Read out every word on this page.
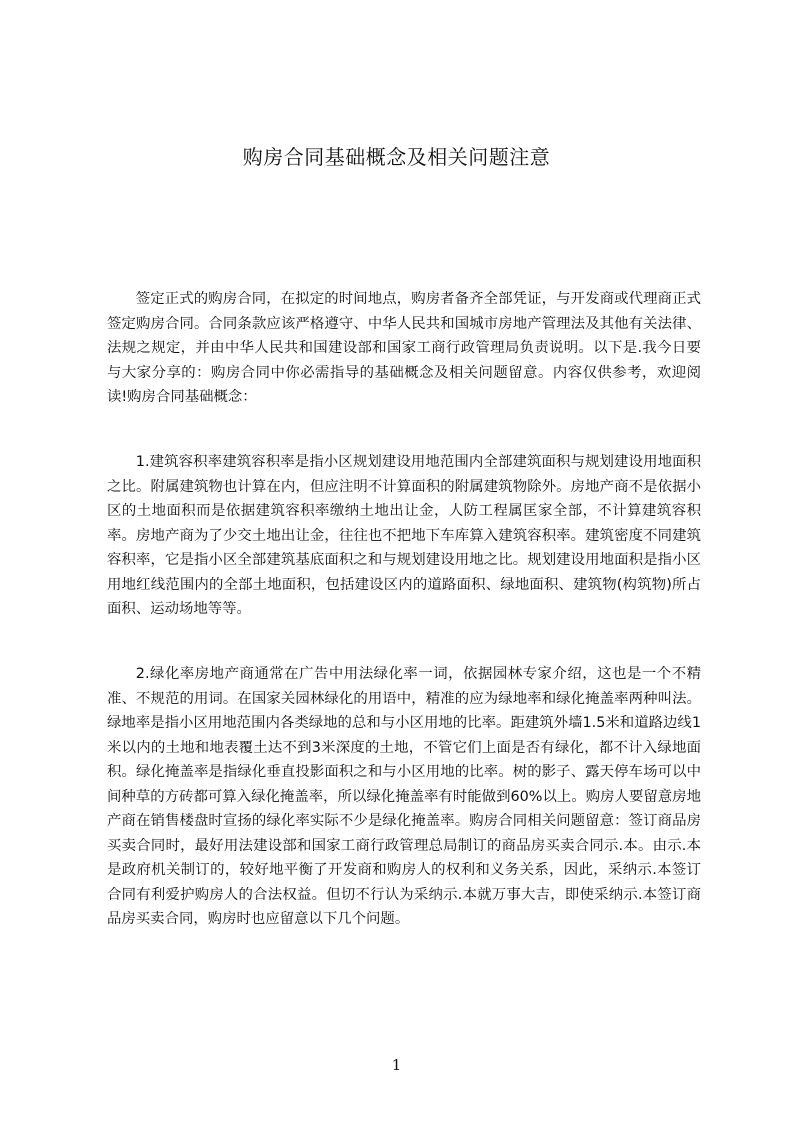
购房合同基础概念及相关问题注意

签定正式的购房合同，在拟定的时间地点，购房者备齐全部凭证，与开发商或代理商正式签定购房合同。合同条款应该严格遵守、中华人民共和国城市房地产管理法及其他有关法律、法规之规定，并由中华人民共和国建设部和国家工商行政管理局负责说明。以下是.我今日要与大家分享的：购房合同中你必需指导的基础概念及相关问题留意。内容仅供参考，欢迎阅读!购房合同基础概念：

1.建筑容积率建筑容积率是指小区规划建设用地范围内全部建筑面积与规划建设用地面积之比。附属建筑物也计算在内，但应注明不计算面积的附属建筑物除外。房地产商不是依据小区的土地面积而是依据建筑容积率缴纳土地出让金，人防工程属匡家全部，不计算建筑容积率。房地产商为了少交土地出让金，往往也不把地下车库算入建筑容积率。建筑密度不同建筑容积率，它是指小区全部建筑基底面积之和与规划建设用地之比。规划建设用地面积是指小区用地红线范围内的全部土地面积，包括建设区内的道路面积、绿地面积、建筑物(构筑物)所占面积、运动场地等等。

2.绿化率房地产商通常在广告中用法绿化率一词，依据园林专家介绍，这也是一个不精准、不规范的用词。在国家关园林绿化的用语中，精准的应为绿地率和绿化掩盖率两种叫法。绿地率是指小区用地范围内各类绿地的总和与小区用地的比率。距建筑外墙1.5米和道路边线1米以内的土地和地表覆土达不到3米深度的土地，不管它们上面是否有绿化，都不计入绿地面积。绿化掩盖率是指绿化垂直投影面积之和与小区用地的比率。树的影子、露天停车场可以中间种草的方砖都可算入绿化掩盖率，所以绿化掩盖率有时能做到60%以上。购房人要留意房地产商在销售楼盘时宣扬的绿化率实际不少是绿化掩盖率。购房合同相关问题留意：签订商品房买卖合同时，最好用法建设部和国家工商行政管理总局制订的商品房买卖合同示.本。由示.本是政府机关制订的，较好地平衡了开发商和购房人的权利和义务关系，因此，采纳示.本签订合同有利爱护购房人的合法权益。但切不行认为采纳示.本就万事大吉，即使采纳示.本签订商品房买卖合同，购房时也应留意以下几个问题。

1
